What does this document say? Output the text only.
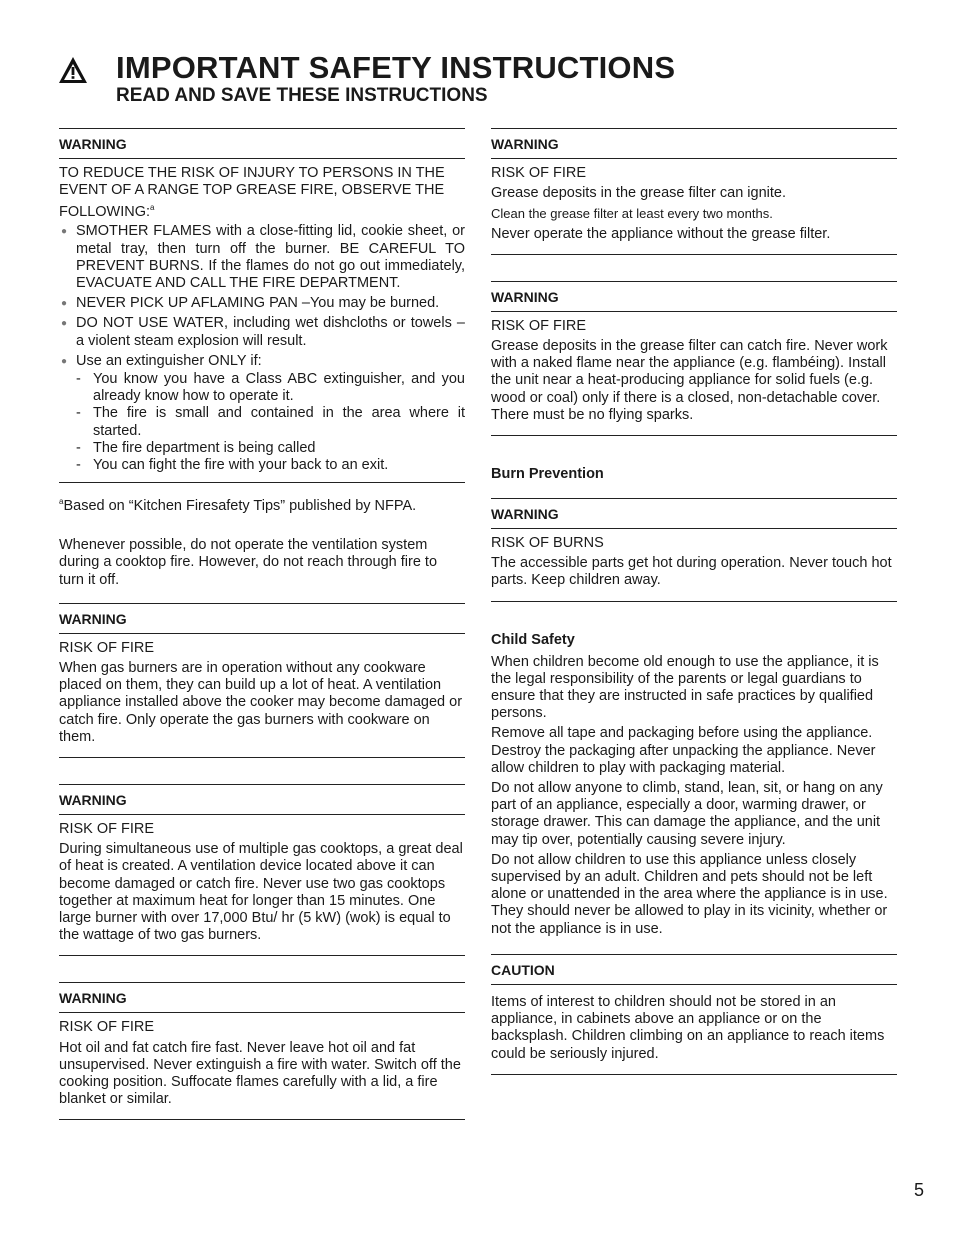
IMPORTANT SAFETY INSTRUCTIONS
READ AND SAVE THESE INSTRUCTIONS
WARNING

TO REDUCE THE RISK OF INJURY TO PERSONS IN THE EVENT OF A RANGE TOP GREASE FIRE, OBSERVE THE FOLLOWING:$^a$

● SMOTHER FLAMES with a close-fitting lid, cookie sheet, or metal tray, then turn off the burner. BE CAREFUL TO PREVENT BURNS. If the flames do not go out immediately, EVACUATE AND CALL THE FIRE DEPARTMENT.
● NEVER PICK UP AFLAMING PAN –You may be burned.
● DO NOT USE WATER, including wet dishcloths or towels – a violent steam explosion will result.
● Use an extinguisher ONLY if:
- You know you have a Class ABC extinguisher, and you already know how to operate it.
- The fire is small and contained in the area where it started.
- The fire department is being called
- You can fight the fire with your back to an exit.

$^a$Based on “Kitchen Firesafety Tips” published by NFPA.

Whenever possible, do not operate the ventilation system during a cooktop fire. However, do not reach through fire to turn it off.

WARNING

RISK OF FIRE

When gas burners are in operation without any cookware placed on them, they can build up a lot of heat. A ventilation appliance installed above the cooker may become damaged or catch fire. Only operate the gas burners with cookware on them.

WARNING

RISK OF FIRE

During simultaneous use of multiple gas cooktops, a great deal of heat is created. A ventilation device located above it can become damaged or catch fire. Never use two gas cooktops together at maximum heat for longer than 15 minutes. One large burner with over 17,000 Btu/ hr (5 kW) (wok) is equal to the wattage of two gas burners.

WARNING

RISK OF FIRE

Hot oil and fat catch fire fast. Never leave hot oil and fat unsupervised. Never extinguish a fire with water. Switch off the cooking position. Suffocate flames carefully with a lid, a fire blanket or similar.

WARNING

RISK OF FIRE

Grease deposits in the grease filter can ignite.

Clean the grease filter at least every two months.

Never operate the appliance without the grease filter.

WARNING

RISK OF FIRE

Grease deposits in the grease filter can catch fire. Never work with a naked flame near the appliance (e.g. flambéing). Install the unit near a heat-producing appliance for solid fuels (e.g. wood or coal) only if there is a closed, non-detachable cover. There must be no flying sparks.

Burn Prevention

WARNING

RISK OF BURNS

The accessible parts get hot during operation. Never touch hot parts. Keep children away.

Child Safety

When children become old enough to use the appliance, it is the legal responsibility of the parents or legal guardians to ensure that they are instructed in safe practices by qualified persons.

Remove all tape and packaging before using the appliance. Destroy the packaging after unpacking the appliance. Never allow children to play with packaging material.

Do not allow anyone to climb, stand, lean, sit, or hang on any part of an appliance, especially a door, warming drawer, or storage drawer. This can damage the appliance, and the unit may tip over, potentially causing severe injury.

Do not allow children to use this appliance unless closely supervised by an adult. Children and pets should not be left alone or unattended in the area where the appliance is in use. They should never be allowed to play in its vicinity, whether or not the appliance is in use.

CAUTION

Items of interest to children should not be stored in an appliance, in cabinets above an appliance or on the backsplash. Children climbing on an appliance to reach items could be seriously injured.

5
